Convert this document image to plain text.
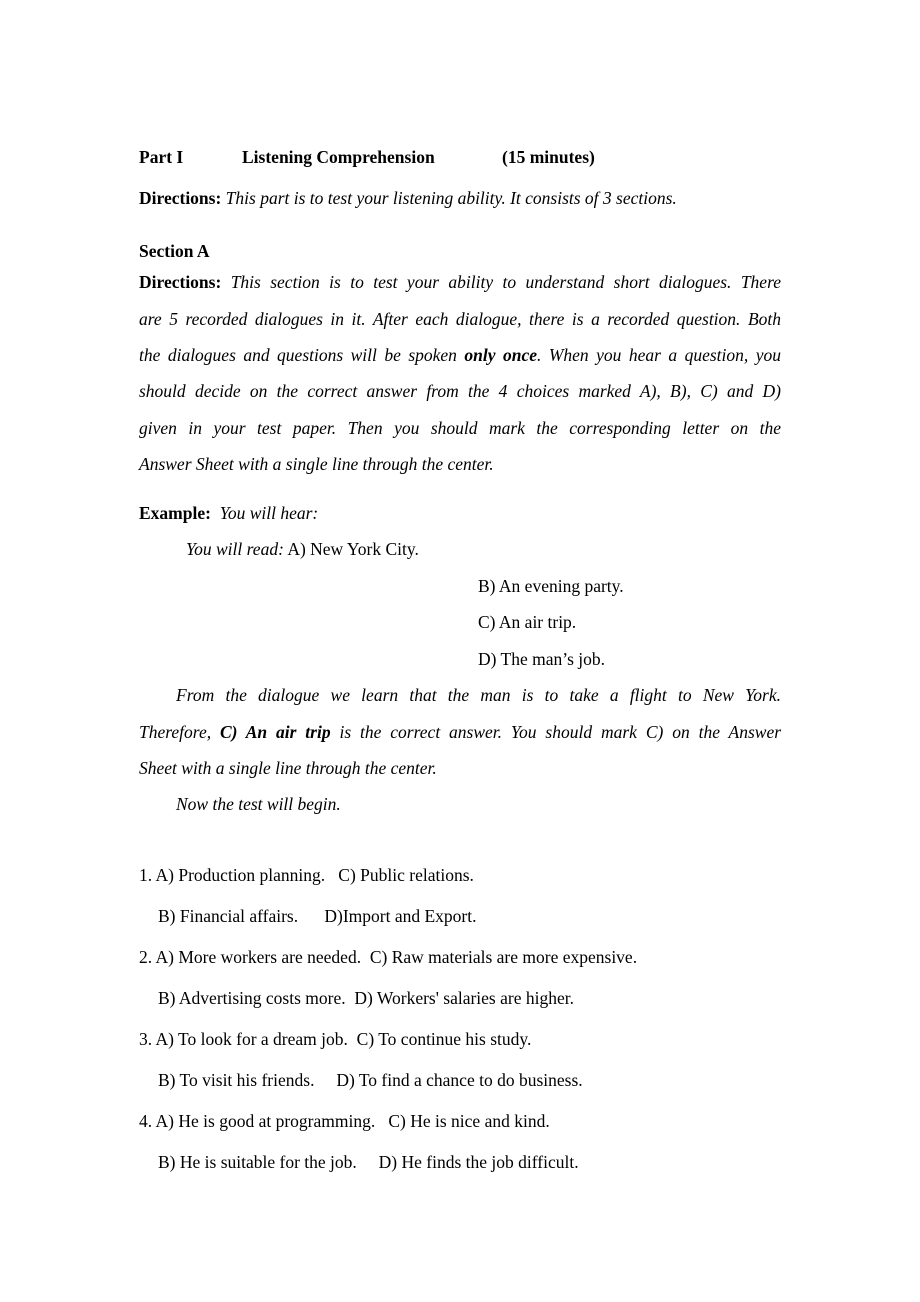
Part I	Listening Comprehension	(15 minutes)
Directions: This part is to test your listening ability. It consists of 3 sections.
Section A
Directions: This section is to test your ability to understand short dialogues. There
are 5 recorded dialogues in it. After each dialogue, there is a recorded question. Both
the dialogues and questions will be spoken only once. When you hear a question, you
should decide on the correct answer from the 4 choices marked A), B), C) and D)
given in your test paper. Then you should mark the corresponding letter on the
Answer Sheet with a single line through the center.
Example: You will hear:
You will read: A) New York City.
B) An evening party.
C) An air trip.
D) The man’s job.
From the dialogue we learn that the man is to take a flight to New York.
Therefore, C) An air trip is the correct answer. You should mark C) on the Answer
Sheet with a single line through the center.
Now the test will begin.
1. A) Production planning.   C) Public relations.
B) Financial affairs.      D)Import and Export.
2. A) More workers are needed.  C) Raw materials are more expensive.
B) Advertising costs more.  D) Workers' salaries are higher.
3. A) To look for a dream job.  C) To continue his study.
B) To visit his friends.     D) To find a chance to do business.
4. A) He is good at programming.   C) He is nice and kind.
B) He is suitable for the job.     D) He finds the job difficult.
